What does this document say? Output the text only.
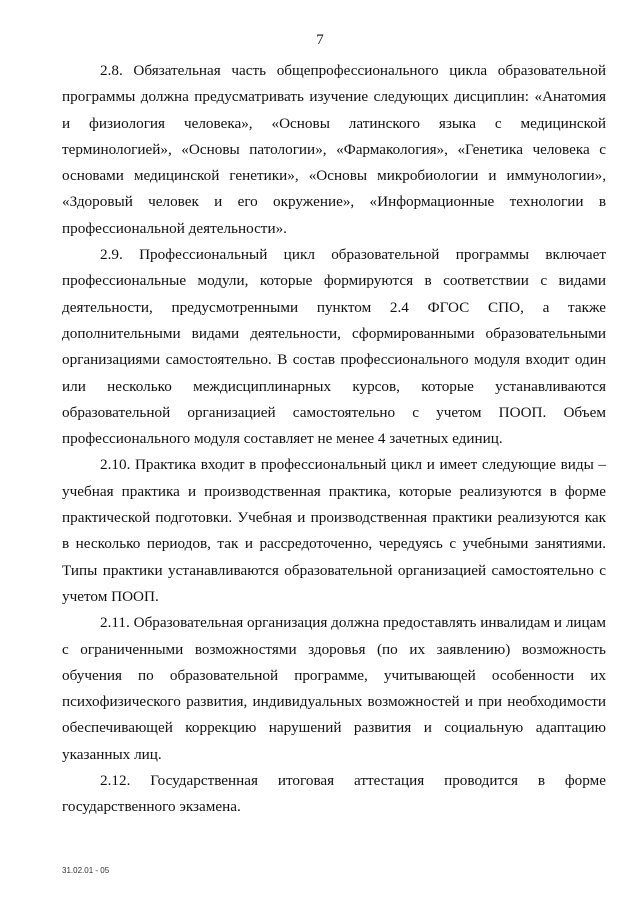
7

2.8. Обязательная часть общепрофессионального цикла образовательной программы должна предусматривать изучение следующих дисциплин: «Анатомия и физиология человека», «Основы латинского языка с медицинской терминологией», «Основы патологии», «Фармакология», «Генетика человека с основами медицинской генетики», «Основы микробиологии и иммунологии», «Здоровый человек и его окружение», «Информационные технологии в профессиональной деятельности».

2.9. Профессиональный цикл образовательной программы включает профессиональные модули, которые формируются в соответствии с видами деятельности, предусмотренными пунктом 2.4 ФГОС СПО, а также дополнительными видами деятельности, сформированными образовательными организациями самостоятельно. В состав профессионального модуля входит один или несколько междисциплинарных курсов, которые устанавливаются образовательной организацией самостоятельно с учетом ПООП. Объем профессионального модуля составляет не менее 4 зачетных единиц.

2.10. Практика входит в профессиональный цикл и имеет следующие виды – учебная практика и производственная практика, которые реализуются в форме практической подготовки. Учебная и производственная практики реализуются как в несколько периодов, так и рассредоточенно, чередуясь с учебными занятиями. Типы практики устанавливаются образовательной организацией самостоятельно с учетом ПООП.

2.11. Образовательная организация должна предоставлять инвалидам и лицам с ограниченными возможностями здоровья (по их заявлению) возможность обучения по образовательной программе, учитывающей особенности их психофизического развития, индивидуальных возможностей и при необходимости обеспечивающей коррекцию нарушений развития и социальную адаптацию указанных лиц.

2.12. Государственная итоговая аттестация проводится в форме государственного экзамена.

31.02.01 - 05
